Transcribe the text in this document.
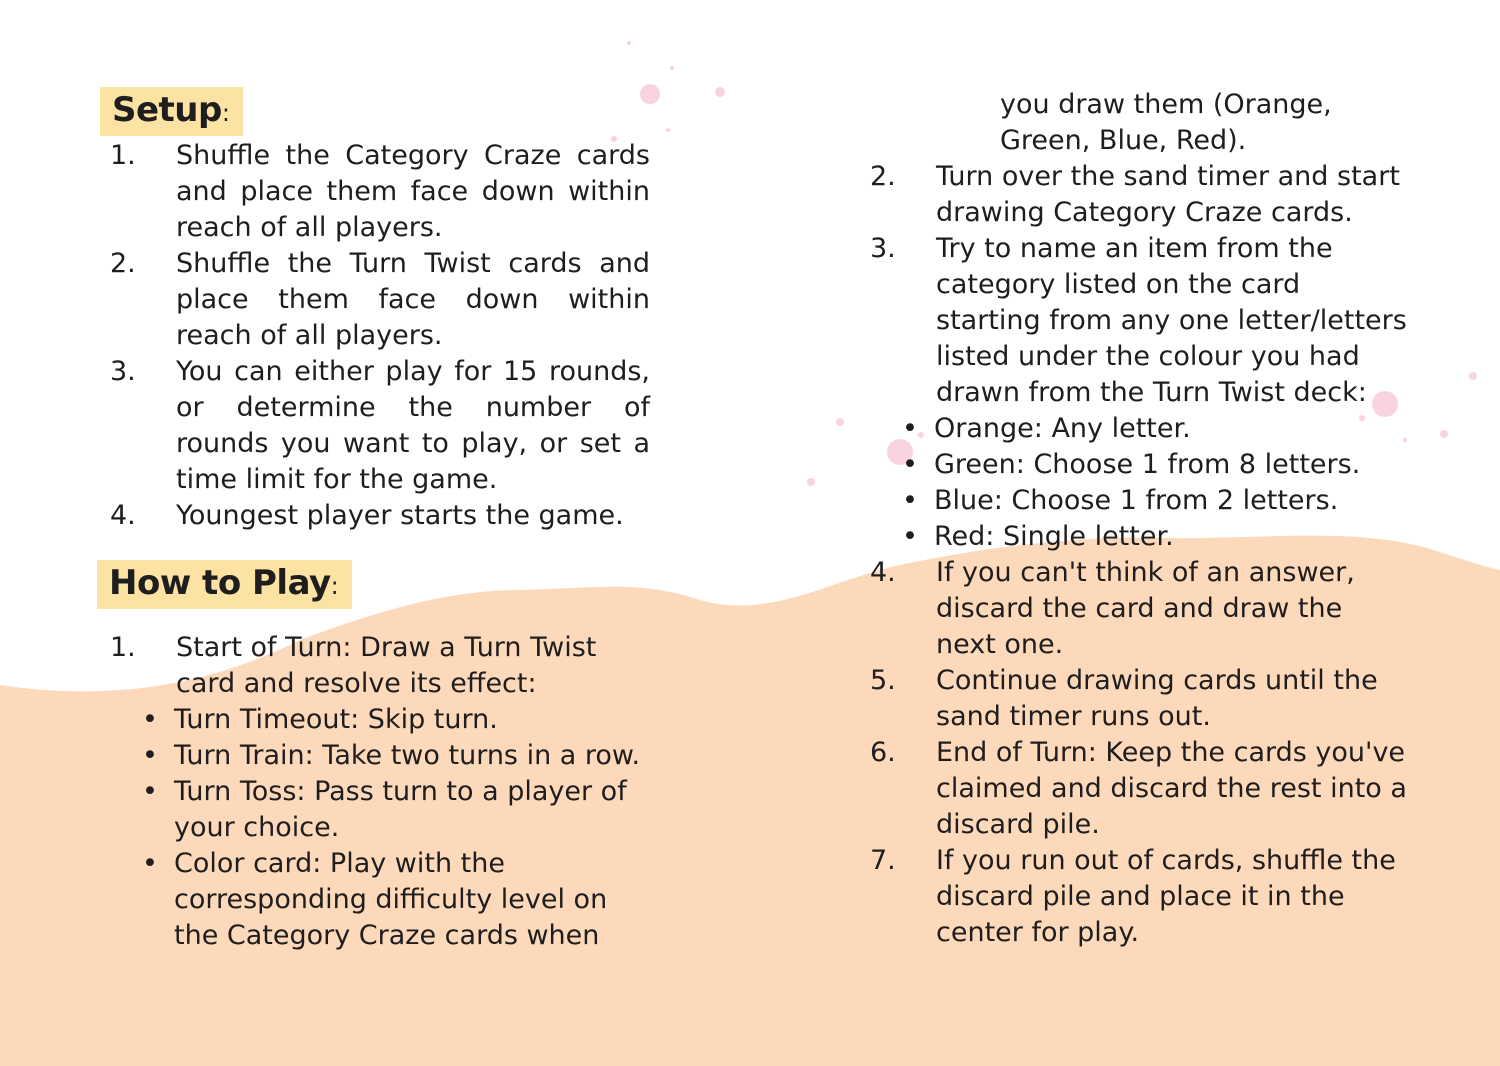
Setup:
How to Play:
1.	Shuffle the Category Craze cards and place them face down within reach of all players.
2.	Shuffle the Turn Twist cards and place them face down within reach of all players.
3.	You can either play for 15 rounds, or determine the number of rounds you want to play, or set a time limit for the game.
4.	Youngest player starts the game.
1.	Start of Turn: Draw a Turn Twist card and resolve its effect:
• Turn Timeout: Skip turn.
• Turn Train: Take two turns in a row.
• Turn Toss: Pass turn to a player of your choice.
• Color card: Play with the corresponding difficulty level on the Category Craze cards when
you draw them (Orange, Green, Blue, Red).
2.	Turn over the sand timer and start drawing Category Craze cards.
3.	Try to name an item from the category listed on the card starting from any one letter/letters listed under the colour you had drawn from the Turn Twist deck:
• Orange: Any letter.
• Green: Choose 1 from 8 letters.
• Blue: Choose 1 from 2 letters.
• Red: Single letter.
4.	If you can't think of an answer, discard the card and draw the next one.
5.	Continue drawing cards until the sand timer runs out.
6.	End of Turn: Keep the cards you've claimed and discard the rest into a discard pile.
7.	If you run out of cards, shuffle the discard pile and place it in the center for play.
